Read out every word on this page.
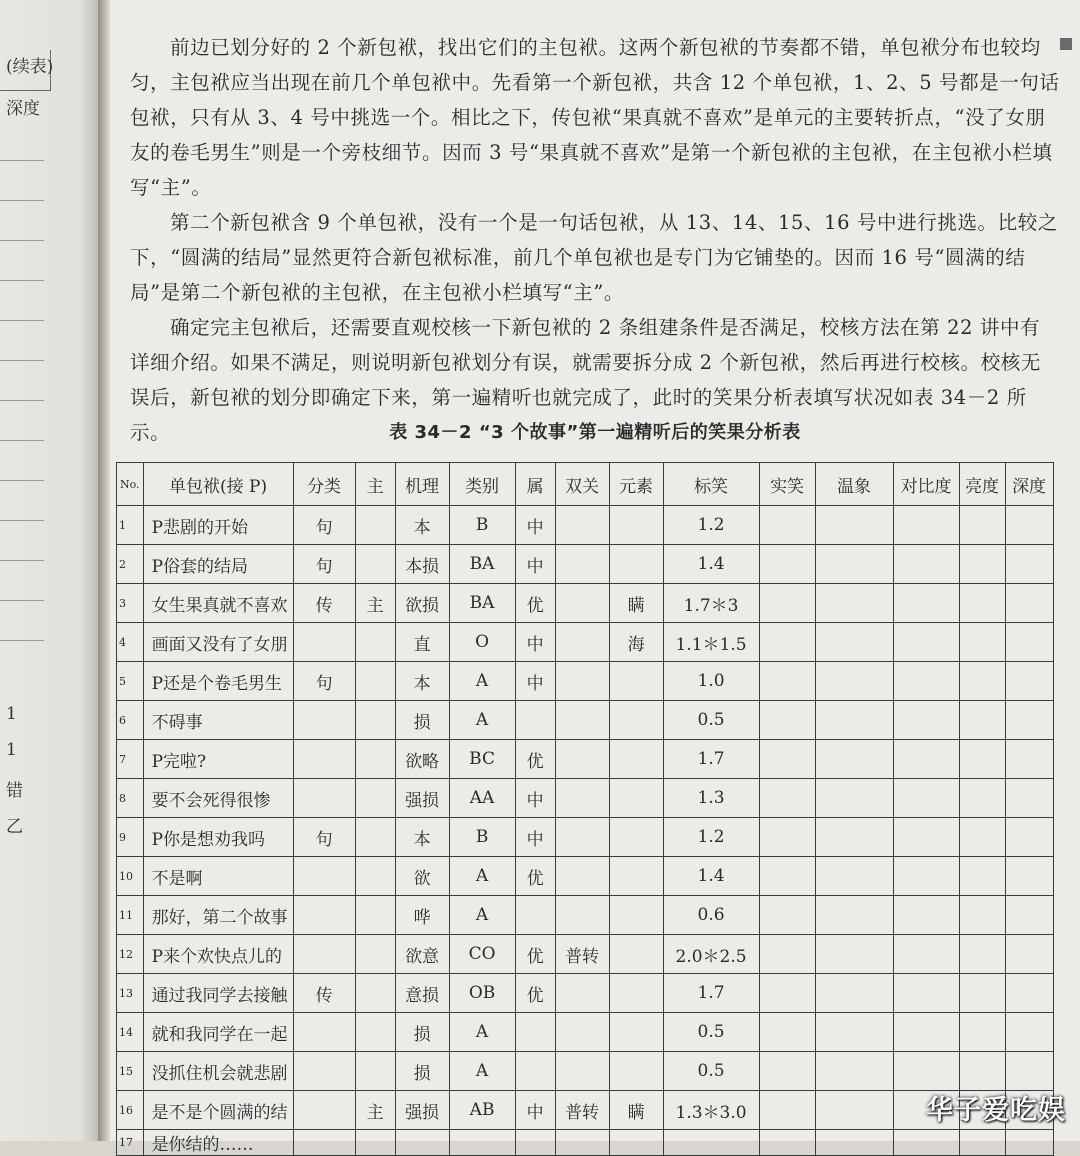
(续表)
深度
1
1
错
乙

前边已划分好的 2 个新包袱，找出它们的主包袱。这两个新包袱的节奏都不错，单包袱分布也较均匀，主包袱应当出现在前几个单包袱中。先看第一个新包袱，共含 12 个单包袱，1、2、5 号都是一句话包袱，只有从 3、4 号中挑选一个。相比之下，传包袱“果真就不喜欢”是单元的主要转折点，“没了女朋友的卷毛男生”则是一个旁枝细节。因而 3 号“果真就不喜欢”是第一个新包袱的主包袱，在主包袱小栏填写“主”。

第二个新包袱含 9 个单包袱，没有一个是一句话包袱，从 13、14、15、16 号中进行挑选。比较之下，“圆满的结局”显然更符合新包袱标准，前几个单包袱也是专门为它铺垫的。因而 16 号“圆满的结局”是第二个新包袱的主包袱，在主包袱小栏填写“主”。

确定完主包袱后，还需要直观校核一下新包袱的 2 条组建条件是否满足，校核方法在第 22 讲中有详细介绍。如果不满足，则说明新包袱划分有误，就需要拆分成 2 个新包袱，然后再进行校核。校核无误后，新包袱的划分即确定下来，第一遍精听也就完成了，此时的笑果分析表填写状况如表 34－2 所示。	表 34－2 “3 个故事”第一遍精听后的笑果分析表
No.	单包袱(接 P)	分类	主	机理	类别	属	双关	元素	标笑	实笑	温象	对比度	亮度	深度
1	P悲剧的开始	句		本	B	中			1.2					
2	P俗套的结局	句		本损	BA	中			1.4					
3	女生果真就不喜欢	传	主	欲损	BA	优		瞒	1.7＊3					
4	画面又没有了女朋			直	O	中		海	1.1＊1.5					
5	P还是个卷毛男生	句		本	A	中			1.0					
6	不碍事			损	A				0.5					
7	P完啦?			欲略	BC	优			1.7					
8	要不会死得很惨			强损	AA	中			1.3					
9	P你是想劝我吗	句		本	B	中			1.2					
10	不是啊			欲	A	优			1.4					
11	那好，第二个故事			哗	A				0.6					
12	P来个欢快点儿的			欲意	CO	优	普转		2.0＊2.5					
13	通过我同学去接触	传		意损	OB	优			1.7					
14	就和我同学在一起			损	A				0.5					
15	没抓住机会就悲剧			损	A				0.5					
16	是不是个圆满的结		主	强损	AB	中	普转	瞒	1.3＊3.0					
17	是你结的……													
华子爱吃娱
